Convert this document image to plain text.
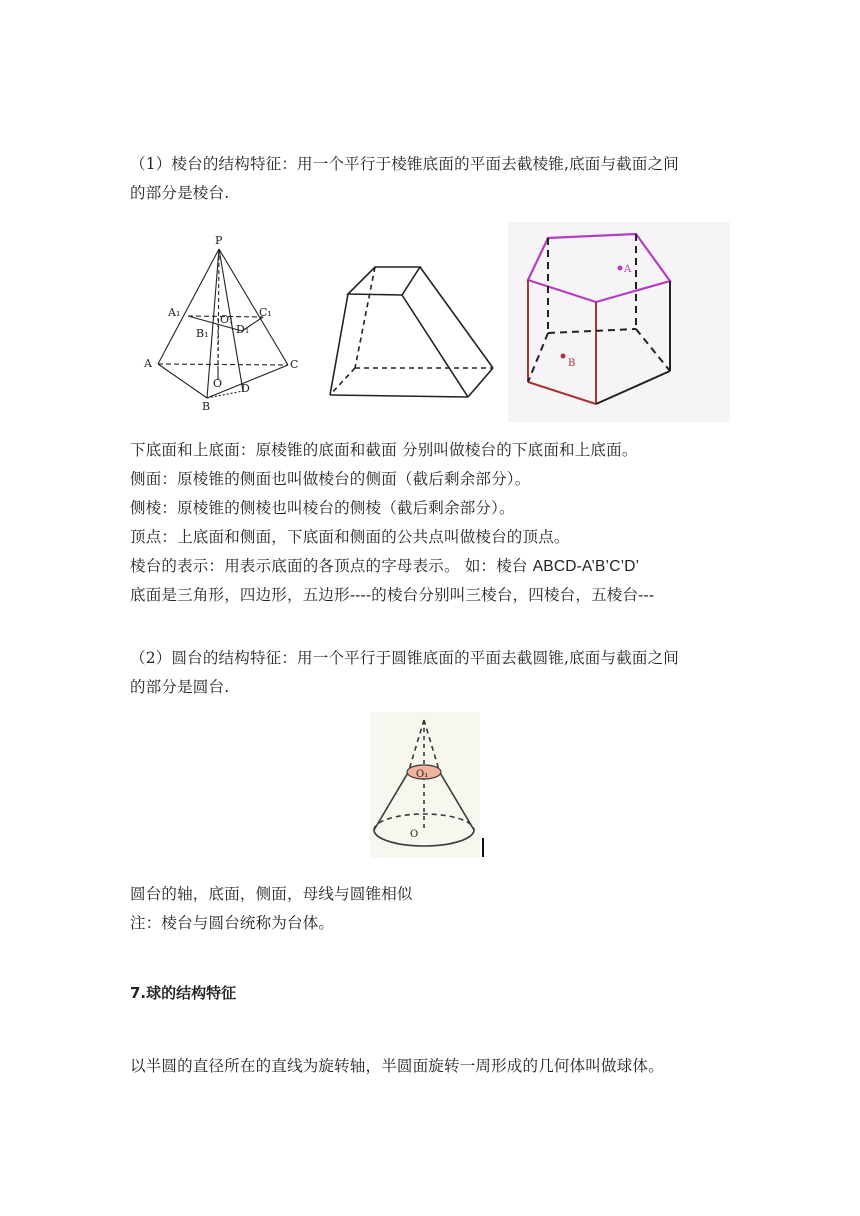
（1）棱台的结构特征：用一个平行于棱锥底面的平面去截棱锥,底面与截面之间
的部分是棱台.
P
A₁
O₁
C₁
B₁	D₁
A	C
O D
B
A
B
下底面和上底面：原棱锥的底面和截面 分别叫做棱台的下底面和上底面。
侧面：原棱锥的侧面也叫做棱台的侧面（截后剩余部分）。
侧棱：原棱锥的侧棱也叫棱台的侧棱（截后剩余部分）。
顶点：上底面和侧面，下底面和侧面的公共点叫做棱台的顶点。
棱台的表示：用表示底面的各顶点的字母表示。 如：棱台 ABCD-A’B’C’D’
底面是三角形，四边形，五边形----的棱台分别叫三棱台，四棱台，五棱台---
（2）圆台的结构特征：用一个平行于圆锥底面的平面去截圆锥,底面与截面之间
的部分是圆台.
O₁
O
圆台的轴，底面，侧面，母线与圆锥相似
注：棱台与圆台统称为台体。
7.球的结构特征
以半圆的直径所在的直线为旋转轴，半圆面旋转一周形成的几何体叫做球体。
